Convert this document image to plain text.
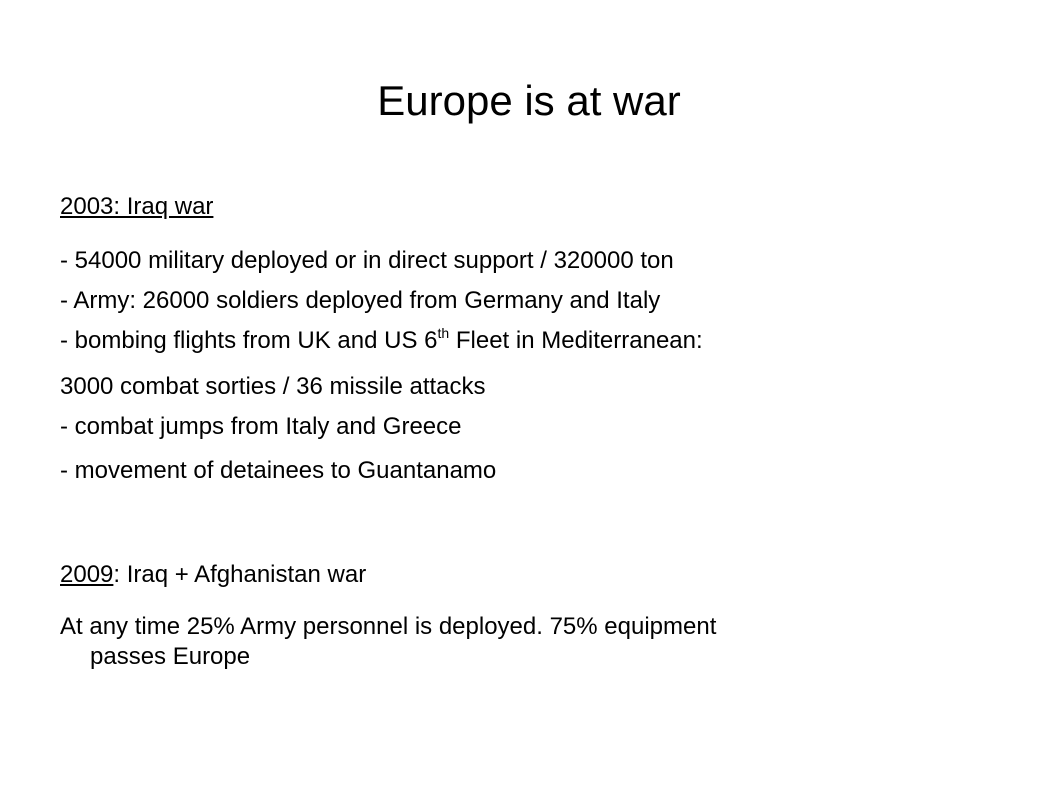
Europe is at war

2003: Iraq war

- 54000 military deployed or in direct support / 320000 ton

- Army: 26000 soldiers deployed from Germany and Italy

- bombing flights from UK and US 6th Fleet in Mediterranean:

3000 combat sorties / 36 missile attacks

- combat jumps from Italy and Greece

- movement of detainees to Guantanamo

2009: Iraq + Afghanistan war

At any time 25% Army personnel is deployed. 75% equipment
passes Europe
